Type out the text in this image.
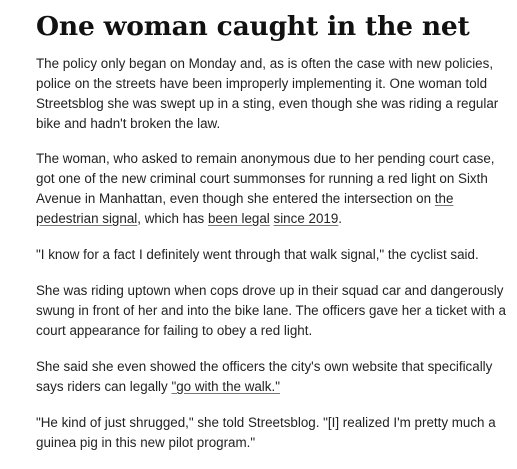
One woman caught in the net

The policy only began on Monday and, as is often the case with new policies, police on the streets have been improperly implementing it. One woman told Streetsblog she was swept up in a sting, even though she was riding a regular bike and hadn't broken the law.

The woman, who asked to remain anonymous due to her pending court case, got one of the new criminal court summonses for running a red light on Sixth Avenue in Manhattan, even though she entered the intersection on the pedestrian signal, which has been legal since 2019.

"I know for a fact I definitely went through that walk signal," the cyclist said.

She was riding uptown when cops drove up in their squad car and dangerously swung in front of her and into the bike lane. The officers gave her a ticket with a court appearance for failing to obey a red light.

She said she even showed the officers the city's own website that specifically says riders can legally "go with the walk."

"He kind of just shrugged," she told Streetsblog. "[I] realized I'm pretty much a guinea pig in this new pilot program."
